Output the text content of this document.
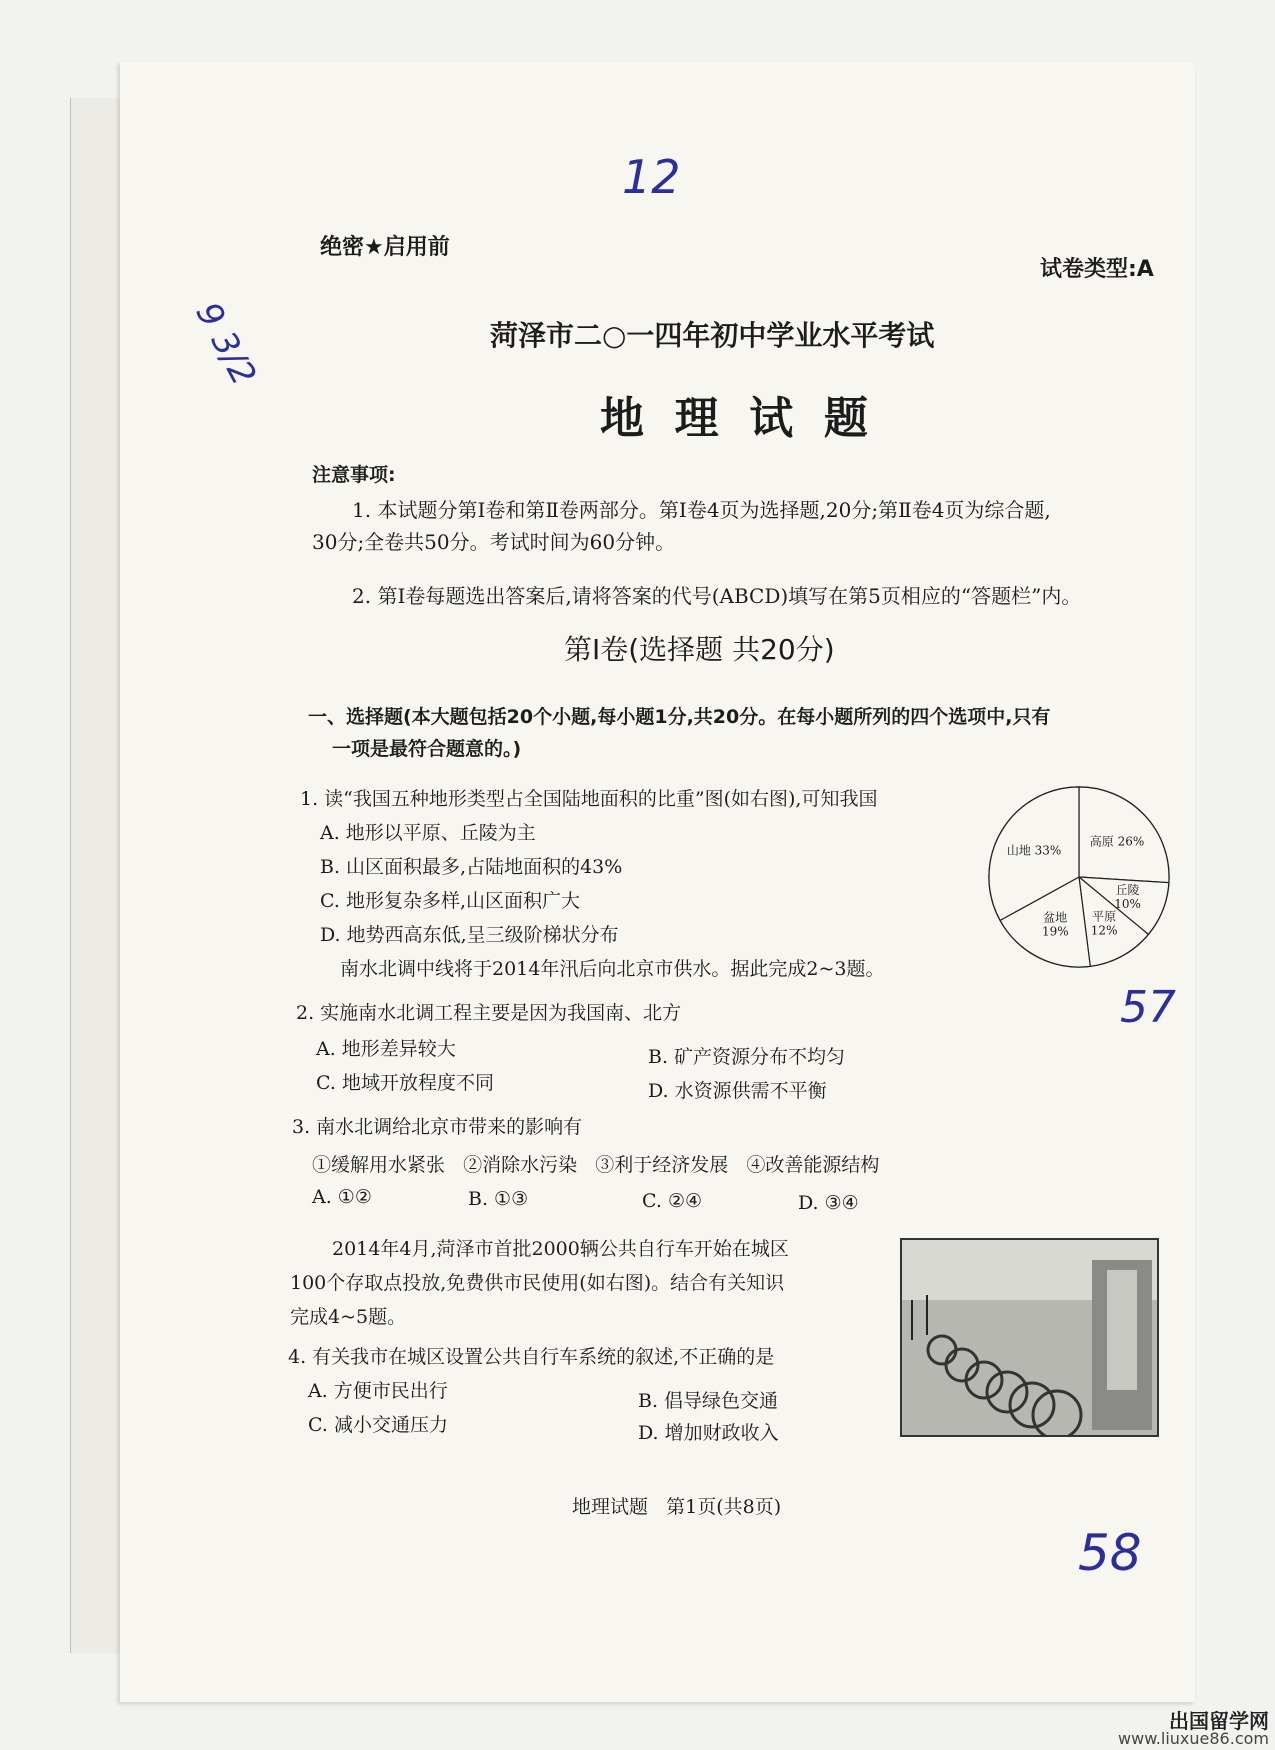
12
9 3/2
57
58
绝密★启用前
试卷类型:A
菏泽市二○一四年初中学业水平考试
地  理  试  题
注意事项:
1. 本试题分第Ⅰ卷和第Ⅱ卷两部分。第Ⅰ卷4页为选择题,20分;第Ⅱ卷4页为综合题,
30分;全卷共50分。考试时间为60分钟。
2. 第Ⅰ卷每题选出答案后,请将答案的代号(ABCD)填写在第5页相应的“答题栏”内。
第Ⅰ卷(选择题 共20分)
一、选择题(本大题包括20个小题,每小题1分,共20分。在每小题所列的四个选项中,只有
一项是最符合题意的。)
1. 读“我国五种地形类型占全国陆地面积的比重”图(如右图),可知我国
A. 地形以平原、丘陵为主
B. 山区面积最多,占陆地面积的43%
C. 地形复杂多样,山区面积广大
D. 地势西高东低,呈三级阶梯状分布
高原 26%
丘陵 10%
平原 12%
盆地 19%
山地 33%
南水北调中线将于2014年汛后向北京市供水。据此完成2~3题。
2. 实施南水北调工程主要是因为我国南、北方
A. 地形差异较大	B. 矿产资源分布不均匀
C. 地域开放程度不同	D. 水资源供需不平衡
3. 南水北调给北京市带来的影响有
①缓解用水紧张   ②消除水污染   ③利于经济发展   ④改善能源结构
A. ①②	B. ①③	C. ②④	D. ③④
2014年4月,菏泽市首批2000辆公共自行车开始在城区
100个存取点投放,免费供市民使用(如右图)。结合有关知识
完成4~5题。
4. 有关我市在城区设置公共自行车系统的叙述,不正确的是
A. 方便市民出行	B. 倡导绿色交通
C. 减小交通压力	D. 增加财政收入
地理试题   第1页(共8页)
出国留学网
www.liuxue86.com
